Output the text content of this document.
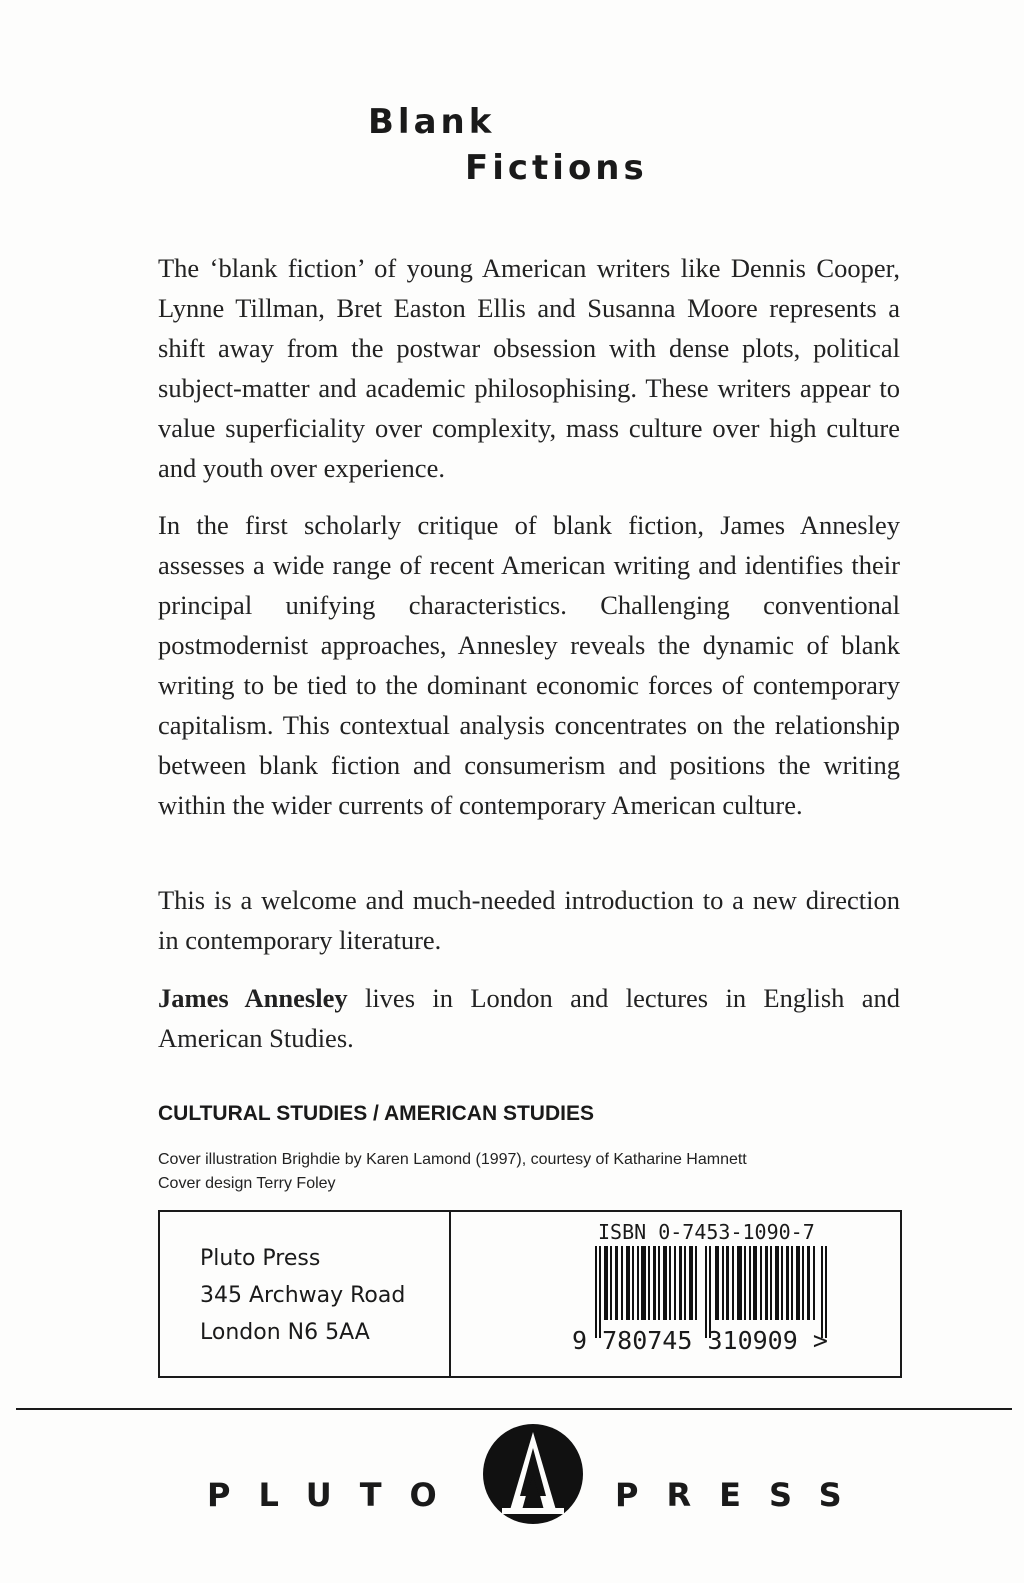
Blank
Fictions

The ‘blank fiction’ of young American writers like Dennis Cooper, Lynne Tillman, Bret Easton Ellis and Susanna Moore represents a shift away from the postwar obsession with dense plots, political subject-matter and academic philosophising. These writers appear to value superficiality over complexity, mass culture over high culture and youth over experience.

In the first scholarly critique of blank fiction, James Annesley assesses a wide range of recent American writing and identifies their principal unifying characteristics. Challenging conventional postmodernist approaches, Annesley reveals the dynamic of blank writing to be tied to the dominant economic forces of contemporary capitalism. This contextual analysis concentrates on the relationship between blank fiction and consumerism and positions the writing within the wider currents of contemporary American culture.

This is a welcome and much-needed introduction to a new direction in contemporary literature.

James Annesley lives in London and lectures in English and American Studies.

CULTURAL STUDIES / AMERICAN STUDIES
Cover illustration Brighdie by Karen Lamond (1997), courtesy of Katharine Hamnett
Cover design Terry Foley
Pluto Press
345 Archway Road
London N6 5AA
ISBN 0-7453-1090-7
9 780745 310909 >
PLUTO	PRESS
